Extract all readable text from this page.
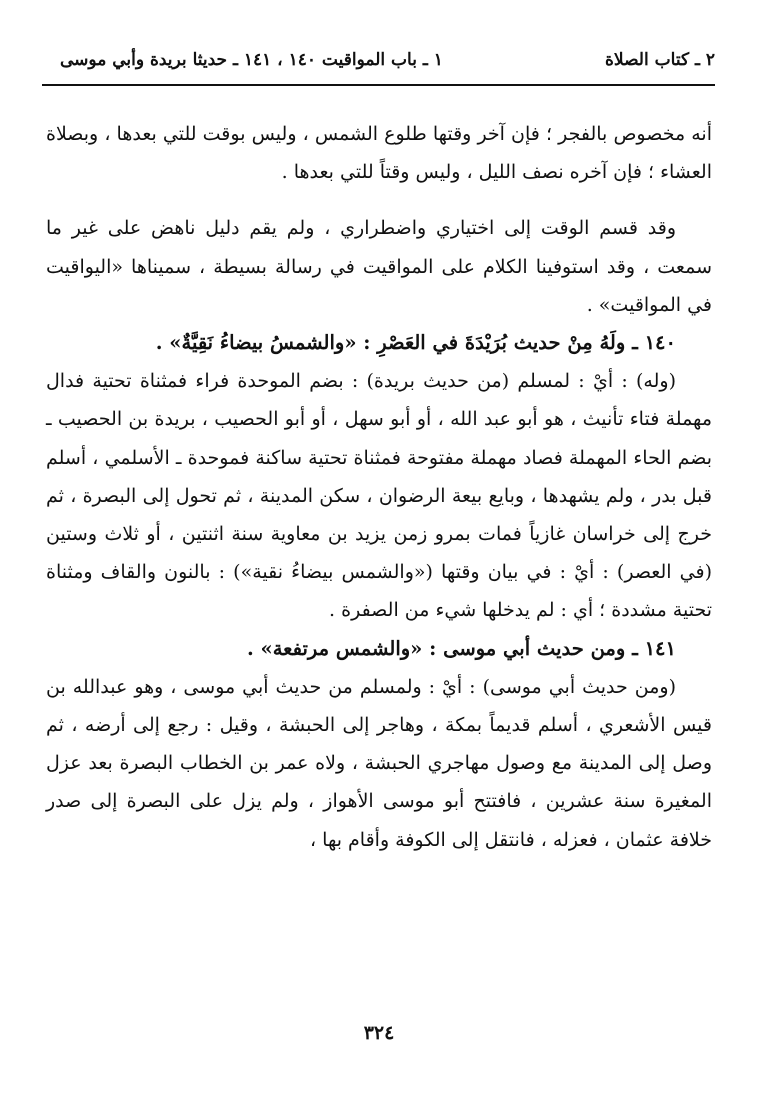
٢ ـ كتاب الصلاة
١ ـ باب المواقيت ١٤٠ ، ١٤١ ـ حديثا بريدة وأبي موسى

أنه مخصوص بالفجر ؛ فإن آخر وقتها طلوع الشمس ، وليس بوقت للتي بعدها ، وبصلاة العشاء ؛ فإن آخره نصف الليل ، وليس وقتاً للتي بعدها .

وقد قسم الوقت إلى اختياري واضطراري ، ولم يقم دليل ناهض على غير ما سمعت ، وقد استوفينا الكلام على المواقيت في رسالة بسيطة ، سميناها «اليواقيت في المواقيت» .

١٤٠ ـ ولَهُ مِنْ حديث بُرَيْدَةَ في العَصْرِ : «والشمسُ بيضاءُ نَقِيَّةٌ» .

(وله) : أيْ : لمسلم (من حديث بريدة) : بضم الموحدة فراء فمثناة تحتية فدال مهملة فتاء تأنيث ، هو أبو عبد الله ، أو أبو سهل ، أو أبو الحصيب ، بريدة بن الحصيب ـ بضم الحاء المهملة فصاد مهملة مفتوحة فمثناة تحتية ساكنة فموحدة ـ الأسلمي ، أسلم قبل بدر ، ولم يشهدها ، وبايع بيعة الرضوان ، سكن المدينة ، ثم تحول إلى البصرة ، ثم خرج إلى خراسان غازياً فمات بمرو زمن يزيد بن معاوية سنة اثنتين ، أو ثلاث وستين (في العصر) : أيْ : في بيان وقتها («والشمس بيضاءُ نقية») : بالنون والقاف ومثناة تحتية مشددة ؛ أي : لم يدخلها شيء من الصفرة .

١٤١ ـ ومن حديث أبي موسى : «والشمس مرتفعة» .

(ومن حديث أبي موسى) : أيْ : ولمسلم من حديث أبي موسى ، وهو عبدالله بن قيس الأشعري ، أسلم قديماً بمكة ، وهاجر إلى الحبشة ، وقيل : رجع إلى أرضه ، ثم وصل إلى المدينة مع وصول مهاجري الحبشة ، ولاه عمر بن الخطاب البصرة بعد عزل المغيرة سنة عشرين ، فافتتح أبو موسى الأهواز ، ولم يزل على البصرة إلى صدر خلافة عثمان ، فعزله ، فانتقل إلى الكوفة وأقام بها ،

٣٢٤
